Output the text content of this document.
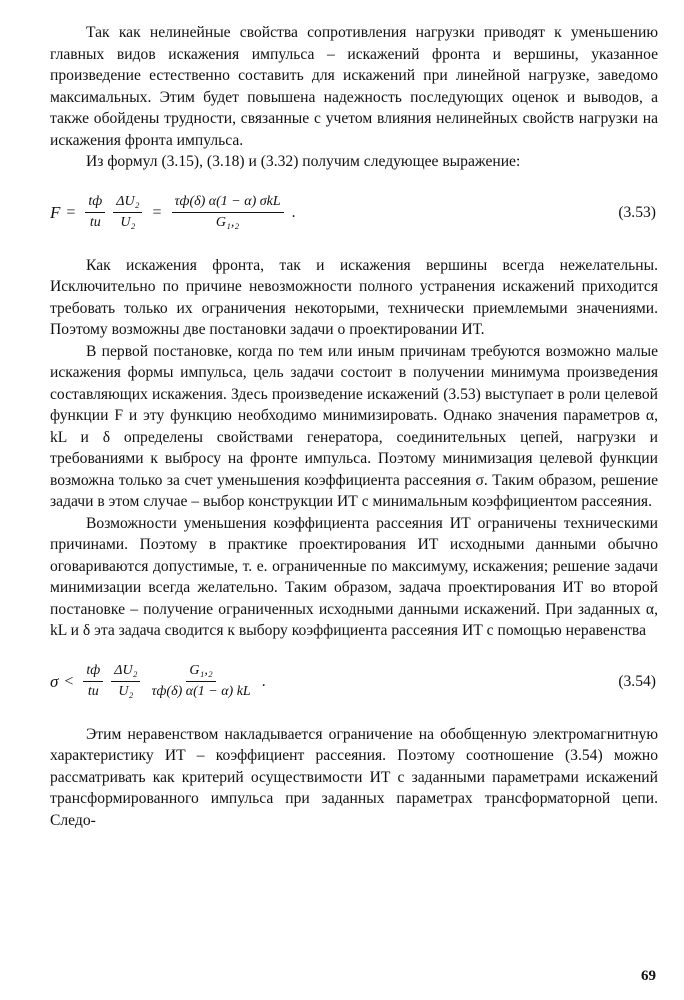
Так как нелинейные свойства сопротивления нагрузки приводят к уменьшению главных видов искажения импульса – искажений фронта и вершины, указанное произведение естественно составить для искажений при линейной нагрузке, заведомо максимальных. Этим будет повышена надежность последующих оценок и выводов, а также обойдены трудности, связанные с учетом влияния нелинейных свойств нагрузки на искажения фронта импульса.

Из формул (3.15), (3.18) и (3.32) получим следующее выражение:

$F = \frac{tф}{tи} \frac{\text{ΔU₂}}{\text{U₂}} = \frac{\text{τф(δ) α(1 − α) σkL}}{\text{G₁,₂}}$ .	(3.53)

Как искажения фронта, так и искажения вершины всегда нежелательны. Исключительно по причине невозможности полного устранения искажений приходится требовать только их ограничения некоторыми, технически приемлемыми значениями. Поэтому возможны две постановки задачи о проектировании ИТ.

В первой постановке, когда по тем или иным причинам требуются возможно малые искажения формы импульса, цель задачи состоит в получении минимума произведения составляющих искажения. Здесь произведение искажений (3.53) выступает в роли целевой функции F и эту функцию необходимо минимизировать. Однако значения параметров α, kL и δ определены свойствами генератора, соединительных цепей, нагрузки и требованиями к выбросу на фронте импульса. Поэтому минимизация целевой функции возможна только за счет уменьшения коэффициента рассеяния σ. Таким образом, решение задачи в этом случае – выбор конструкции ИТ с минимальным коэффициентом рассеяния.

Возможности уменьшения коэффициента рассеяния ИТ ограничены техническими причинами. Поэтому в практике проектирования ИТ исходными данными обычно оговариваются допустимые, т. е. ограниченные по максимуму, искажения; решение задачи минимизации всегда желательно. Таким образом, задача проектирования ИТ во второй постановке – получение ограниченных исходными данными искажений. При заданных α, kL и δ эта задача сводится к выбору коэффициента рассеяния ИТ с помощью неравенства

$\sigma < \frac{tф}{tи} \frac{\text{ΔU₂}}{\text{U₂}} \frac{\text{G₁,₂}}{\tau ф(\delta) \alpha(1 - \alpha) kL}$ .	(3.54)

Этим неравенством накладывается ограничение на обобщенную электромагнитную характеристику ИТ – коэффициент рассеяния. Поэтому соотношение (3.54) можно рассматривать как критерий осуществимости ИТ с заданными параметрами искажений трансформированного импульса при заданных параметрах трансформаторной цепи. Следо-

69
